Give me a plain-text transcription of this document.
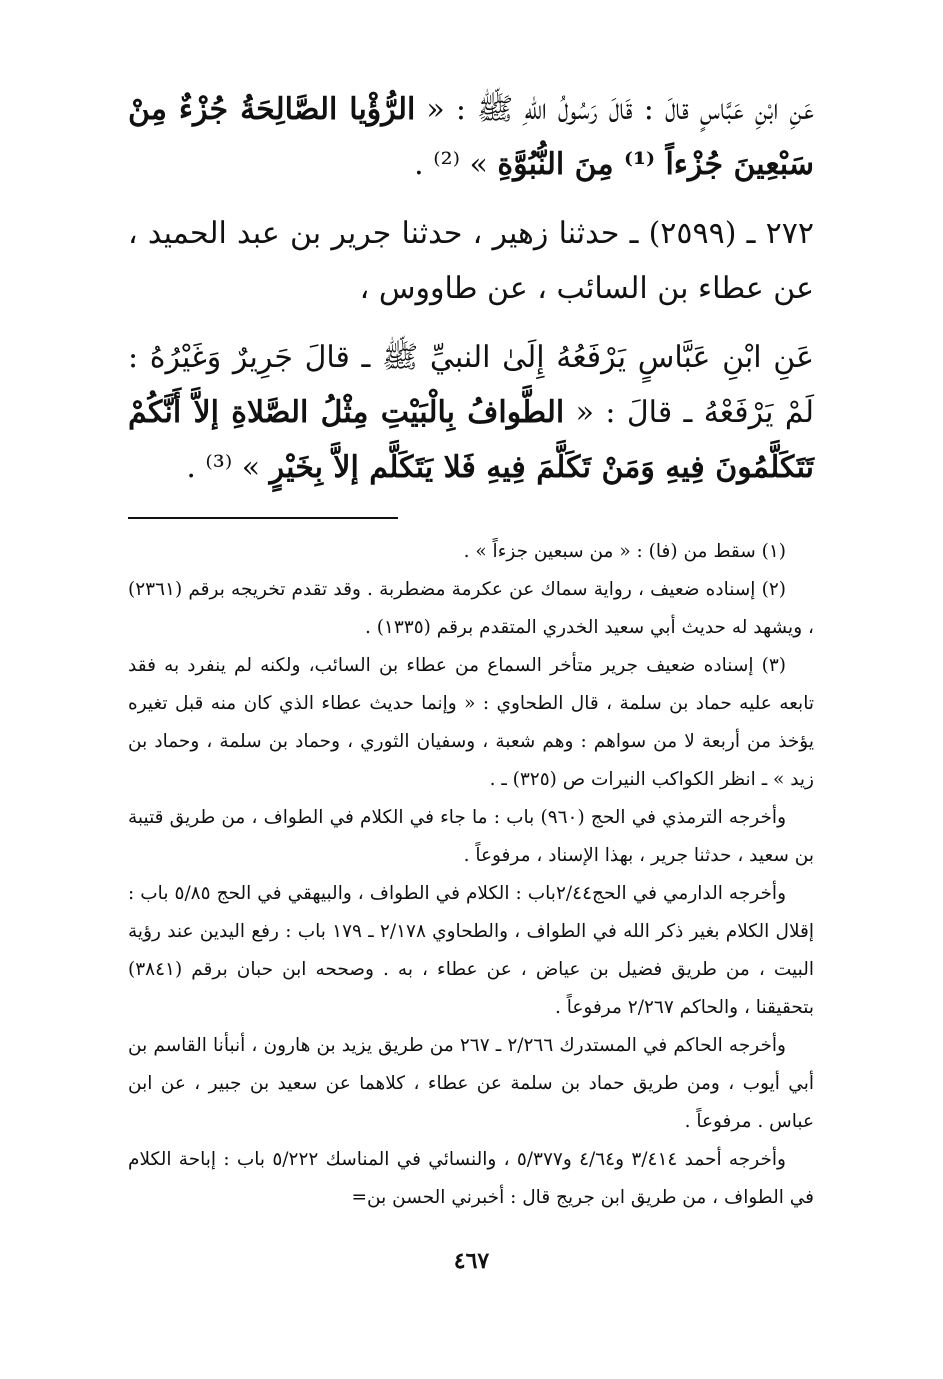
عَنِ ابْنِ عَبَّاسٍ قالَ : قَالَ رَسُولُ اللهِ ﷺ : « الرُّؤْيا الصَّالِحَةُ جُزْءٌ مِنْ سَبْعِينَ جُزْءاً ⁽¹⁾ مِنَ النُّبُوَّةِ » ⁽²⁾ .

٢٧٢ ـ (٢٥٩٩) ـ حدثنا زهير ، حدثنا جرير بن عبد الحميد ، عن عطاء بن السائب ، عن طاووس ،

عَنِ ابْنِ عَبَّاسٍ يَرْفَعُهُ إِلَىٰ النبيِّ ﷺ ـ قالَ جَرِيرٌ وَغَيْرُهُ : لَمْ يَرْفَعْهُ ـ قالَ : « الطَّوافُ بِالْبَيْتِ مِثْلُ الصَّلاةِ إلاَّ أَنَّكُمْ تَتَكَلَّمُونَ فِيهِ وَمَنْ تَكَلَّمَ فِيهِ فَلا يَتَكَلَّم إلاَّ بِخَيْرٍ » ⁽³⁾ .

(١) سقط من (فا) : « من سبعين جزءاً » .

(٢) إسناده ضعيف ، رواية سماك عن عكرمة مضطربة . وقد تقدم تخريجه برقم (٢٣٦١) ، ويشهد له حديث أبي سعيد الخدري المتقدم برقم (١٣٣٥) .

(٣) إسناده ضعيف جرير متأخر السماع من عطاء بن السائب، ولكنه لم ينفرد به فقد تابعه عليه حماد بن سلمة ، قال الطحاوي : « وإنما حديث عطاء الذي كان منه قبل تغيره يؤخذ من أربعة لا من سواهم : وهم شعبة ، وسفيان الثوري ، وحماد بن سلمة ، وحماد بن زيد » ـ انظر الكواكب النيرات ص (٣٢٥) ـ .

وأخرجه الترمذي في الحج (٩٦٠) باب : ما جاء في الكلام في الطواف ، من طريق قتيبة بن سعيد ، حدثنا جرير ، بهذا الإسناد ، مرفوعاً .

وأخرجه الدارمي في الحج٢/٤٤باب : الكلام في الطواف ، والبيهقي في الحج ٥/٨٥ باب : إقلال الكلام بغير ذكر الله في الطواف ، والطحاوي ٢/١٧٨ ـ ١٧٩ باب : رفع اليدين عند رؤية البيت ، من طريق فضيل بن عياض ، عن عطاء ، به . وصححه ابن حبان برقم (٣٨٤١) بتحقيقنا ، والحاكم ٢/٢٦٧ مرفوعاً .

وأخرجه الحاكم في المستدرك ٢/٢٦٦ ـ ٢٦٧ من طريق يزيد بن هارون ، أنبأنا القاسم بن أبي أيوب ، ومن طريق حماد بن سلمة عن عطاء ، كلاهما عن سعيد بن جبير ، عن ابن عباس . مرفوعاً .

وأخرجه أحمد ٣/٤١٤ و٤/٦٤ و٥/٣٧٧ ، والنسائي في المناسك ٥/٢٢٢ باب : إباحة الكلام في الطواف ، من طريق ابن جريج قال : أخبرني الحسن بن=

٤٦٧
